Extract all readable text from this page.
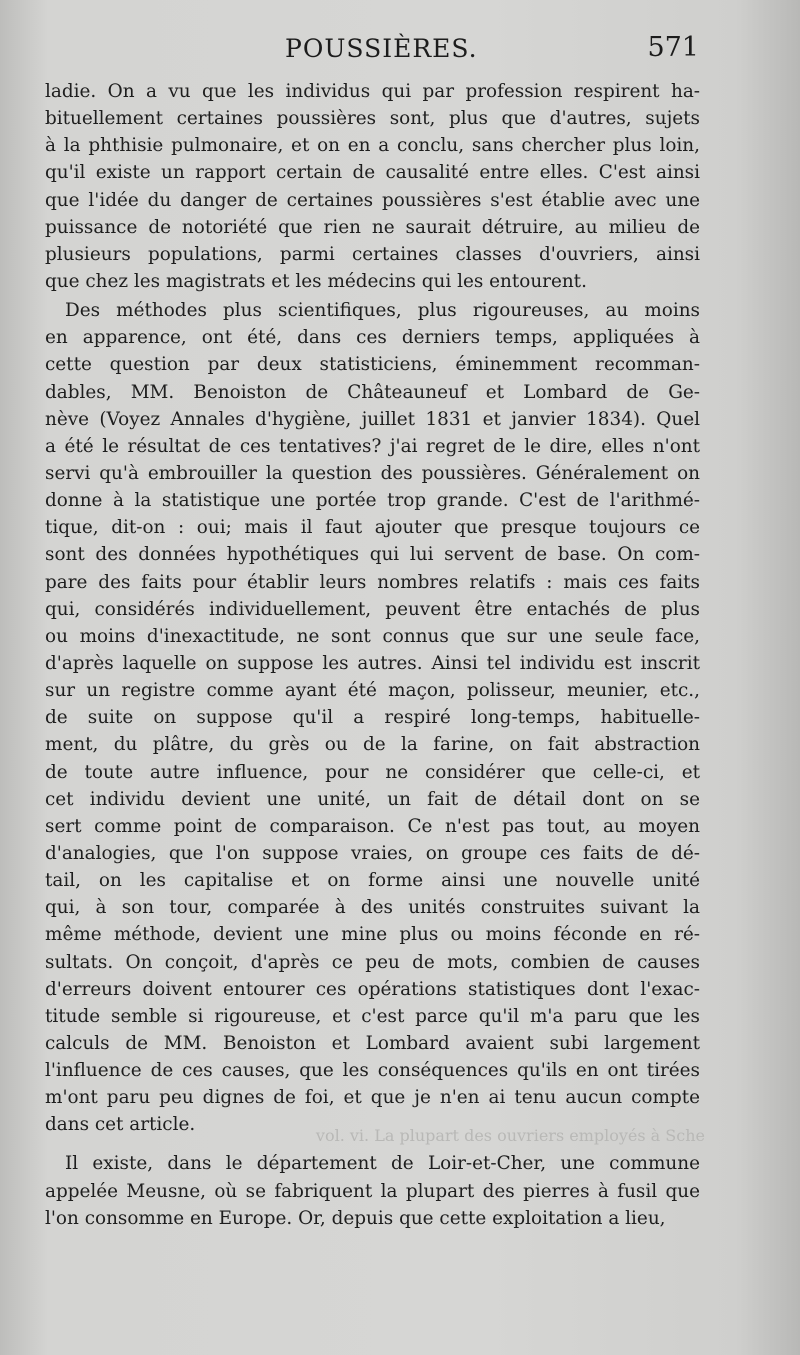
POUSSIÈRES.	571
ladie. On a vu que les individus qui par profession respirent ha-
bituellement certaines poussières sont, plus que d'autres, sujets
à la phthisie pulmonaire, et on en a conclu, sans chercher plus loin,
qu'il existe un rapport certain de causalité entre elles. C'est ainsi
que l'idée du danger de certaines poussières s'est établie avec une
puissance de notoriété que rien ne saurait détruire, au milieu de
plusieurs populations, parmi certaines classes d'ouvriers, ainsi
que chez les magistrats et les médecins qui les entourent.
Des méthodes plus scientifiques, plus rigoureuses, au moins
en apparence, ont été, dans ces derniers temps, appliquées à
cette question par deux statisticiens, éminemment recomman-
dables, MM. Benoiston de Châteauneuf et Lombard de Ge-
nève (Voyez Annales d'hygiène, juillet 1831 et janvier 1834). Quel
a été le résultat de ces tentatives? j'ai regret de le dire, elles n'ont
servi qu'à embrouiller la question des poussières. Généralement on
donne à la statistique une portée trop grande. C'est de l'arithmé-
tique, dit-on : oui; mais il faut ajouter que presque toujours ce
sont des données hypothétiques qui lui servent de base. On com-
pare des faits pour établir leurs nombres relatifs : mais ces faits
qui, considérés individuellement, peuvent être entachés de plus
ou moins d'inexactitude, ne sont connus que sur une seule face,
d'après laquelle on suppose les autres. Ainsi tel individu est inscrit
sur un registre comme ayant été maçon, polisseur, meunier, etc.,
de suite on suppose qu'il a respiré long-temps, habituelle-
ment, du plâtre, du grès ou de la farine, on fait abstraction
de toute autre influence, pour ne considérer que celle-ci, et
cet individu devient une unité, un fait de détail dont on se
sert comme point de comparaison. Ce n'est pas tout, au moyen
d'analogies, que l'on suppose vraies, on groupe ces faits de dé-
tail, on les capitalise et on forme ainsi une nouvelle unité
qui, à son tour, comparée à des unités construites suivant la
même méthode, devient une mine plus ou moins féconde en ré-
sultats. On conçoit, d'après ce peu de mots, combien de causes
d'erreurs doivent entourer ces opérations statistiques dont l'exac-
titude semble si rigoureuse, et c'est parce qu'il m'a paru que les
calculs de MM. Benoiston et Lombard avaient subi largement
l'influence de ces causes, que les conséquences qu'ils en ont tirées
m'ont paru peu dignes de foi, et que je n'en ai tenu aucun compte
dans cet article.
Il existe, dans le département de Loir-et-Cher, une commune
appelée Meusne, où se fabriquent la plupart des pierres à fusil que
l'on consomme en Europe. Or, depuis que cette exploitation a lieu,
vol. vi. La plupart des ouvriers employés à Sche
